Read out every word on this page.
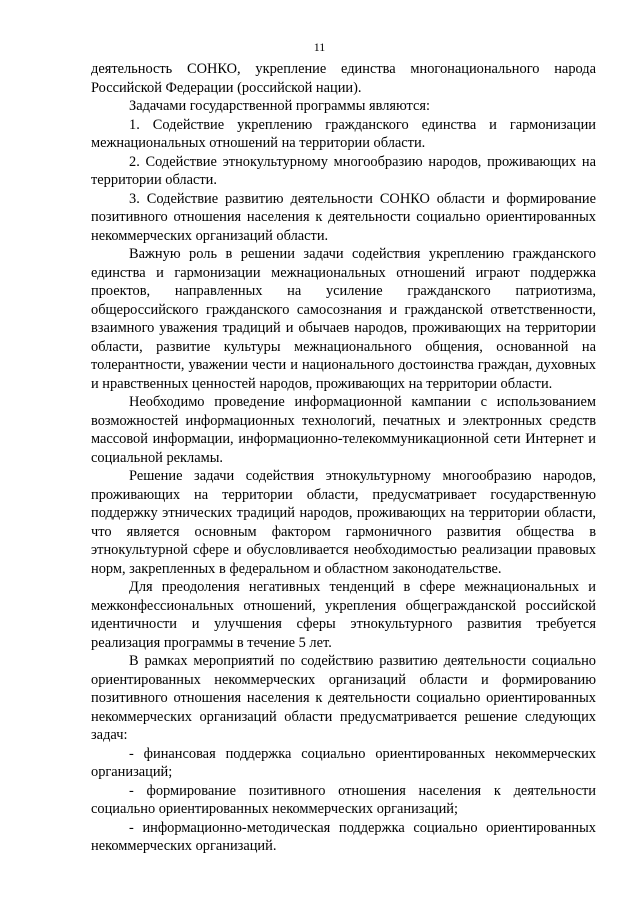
11

деятельность СОНКО, укрепление единства многонационального народа Российской Федерации (российской нации).

Задачами государственной программы являются:

1. Содействие укреплению гражданского единства и гармонизации межнациональных отношений на территории области.

2. Содействие этнокультурному многообразию народов, проживающих на территории области.

3. Содействие развитию деятельности СОНКО области и формирование позитивного отношения населения к деятельности социально ориентированных некоммерческих организаций области.

Важную роль в решении задачи содействия укреплению гражданского единства и гармонизации межнациональных отношений играют поддержка проектов, направленных на усиление гражданского патриотизма, общероссийского гражданского самосознания и гражданской ответственности, взаимного уважения традиций и обычаев народов, проживающих на территории области, развитие культуры межнационального общения, основанной на толерантности, уважении чести и национального достоинства граждан, духовных и нравственных ценностей народов, проживающих на территории области.

Необходимо проведение информационной кампании с использованием возможностей информационных технологий, печатных и электронных средств массовой информации, информационно-телекоммуникационной сети Интернет и социальной рекламы.

Решение задачи содействия этнокультурному многообразию народов, проживающих на территории области, предусматривает государственную поддержку этнических традиций народов, проживающих на территории области, что является основным фактором гармоничного развития общества в этнокультурной сфере и обусловливается необходимостью реализации правовых норм, закрепленных в федеральном и областном законодательстве.

Для преодоления негативных тенденций в сфере межнациональных и межконфессиональных отношений, укрепления общегражданской российской идентичности и улучшения сферы этнокультурного развития требуется реализация программы в течение 5 лет.

В рамках мероприятий по содействию развитию деятельности социально ориентированных некоммерческих организаций области и формированию позитивного отношения населения к деятельности социально ориентированных некоммерческих организаций области предусматривается решение следующих задач:

- финансовая поддержка социально ориентированных некоммерческих организаций;

- формирование позитивного отношения населения к деятельности социально ориентированных некоммерческих организаций;

- информационно-методическая поддержка социально ориентированных некоммерческих организаций.
